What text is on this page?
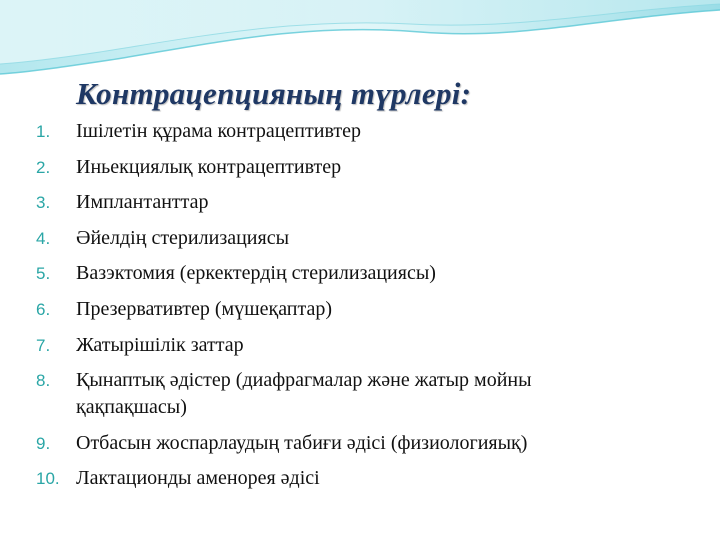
Контрацепцияның түрлері:
1. Ішілетін құрама контрацептивтер
2. Иньекциялық контрацептивтер
3. Имплантанттар
4. Әйелдің стерилизациясы
5. Вазэктомия (еркектердің стерилизациясы)
6. Презервативтер (мүшеқаптар)
7. Жатырішілік заттар
8. Қынаптық әдістер (диафрагмалар және жатыр мойны қақпақшасы)
9. Отбасын жоспарлаудың табиғи әдісі (физиологияық)
10. Лактационды аменорея әдісі
